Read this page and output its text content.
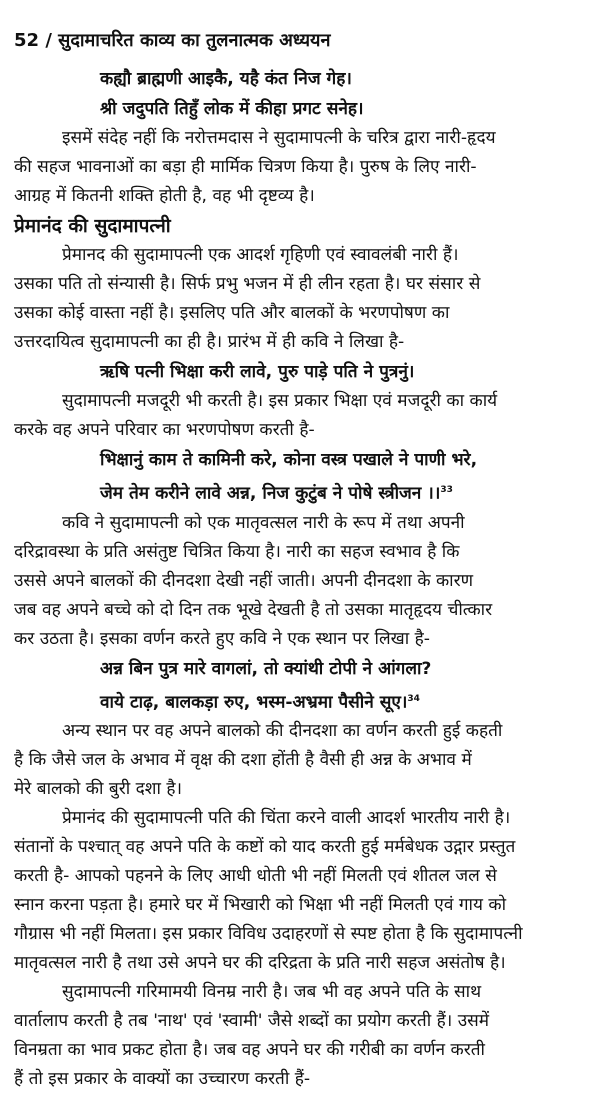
52 / सुदामाचरित काव्य का तुलनात्मक अध्ययन
कह्यौ ब्राह्मणी आइकै, यहै कंत निज गेह।
श्री जदुपति तिहुँ लोक में कीहा प्रगट सनेह।
इसमें संदेह नहीं कि नरोत्तमदास ने सुदामापत्नी के चरित्र द्वारा नारी-हृदय
की सहज भावनाओं का बड़ा ही मार्मिक चित्रण किया है। पुरुष के लिए नारी-
आग्रह में कितनी शक्ति होती है, वह भी दृष्टव्य है।
प्रेमानंद की सुदामापत्नी
प्रेमानद की सुदामापत्नी एक आदर्श गृहिणी एवं स्वावलंबी नारी हैं।
उसका पति तो संन्यासी है। सिर्फ प्रभु भजन में ही लीन रहता है। घर संसार से
उसका कोई वास्ता नहीं है। इसलिए पति और बालकों के भरणपोषण का
उत्तरदायित्व सुदामापत्नी का ही है। प्रारंभ में ही कवि ने लिखा है-
ऋषि पत्नी भिक्षा करी लावे, पुरु पाड़े पति ने पुत्रनुं।
सुदामापत्नी मजदूरी भी करती है। इस प्रकार भिक्षा एवं मजदूरी का कार्य
करके वह अपने परिवार का भरणपोषण करती है-
भिक्षानुं काम ते कामिनी करे, कोना वस्त्र पखाले ने पाणी भरे,
जेम तेम करीने लावे अन्न, निज कुटुंब ने पोषे स्त्रीजन ।।$^{33}$
कवि ने सुदामापत्नी को एक मातृवत्सल नारी के रूप में तथा अपनी
दरिद्रावस्था के प्रति असंतुष्ट चित्रित किया है। नारी का सहज स्वभाव है कि
उससे अपने बालकों की दीनदशा देखी नहीं जाती। अपनी दीनदशा के कारण
जब वह अपने बच्चे को दो दिन तक भूखे देखती है तो उसका मातृहृदय चीत्कार
कर उठता है। इसका वर्णन करते हुए कवि ने एक स्थान पर लिखा है-
अन्न बिन पुत्र मारे वागलां, तो क्यांथी टोपी ने आंगला?
वाये टाढ़, बालकड़ा रुए, भस्म-अभ्रमा पैसीने सूए।$^{34}$
अन्य स्थान पर वह अपने बालको की दीनदशा का वर्णन करती हुई कहती
है कि जैसे जल के अभाव में वृक्ष की दशा होंती है वैसी ही अन्न के अभाव में
मेरे बालको की बुरी दशा है।
प्रेमानंद की सुदामापत्नी पति की चिंता करने वाली आदर्श भारतीय नारी है।
संतानों के पश्चात् वह अपने पति के कष्टों को याद करती हुई मर्मबेधक उद्गार प्रस्तुत
करती है- आपको पहनने के लिए आधी धोती भी नहीं मिलती एवं शीतल जल से
स्नान करना पड़ता है। हमारे घर में भिखारी को भिक्षा भी नहीं मिलती एवं गाय को
गौग्रास भी नहीं मिलता। इस प्रकार विविध उदाहरणों से स्पष्ट होता है कि सुदामापत्नी
मातृवत्सल नारी है तथा उसे अपने घर की दरिद्रता के प्रति नारी सहज असंतोष है।
सुदामापत्नी गरिमामयी विनम्र नारी है। जब भी वह अपने पति के साथ
वार्तालाप करती है तब 'नाथ' एवं 'स्वामी' जैसे शब्दों का प्रयोग करती हैं। उसमें
विनम्रता का भाव प्रकट होता है। जब वह अपने घर की गरीबी का वर्णन करती
हैं तो इस प्रकार के वाक्यों का उच्चारण करती हैं-
